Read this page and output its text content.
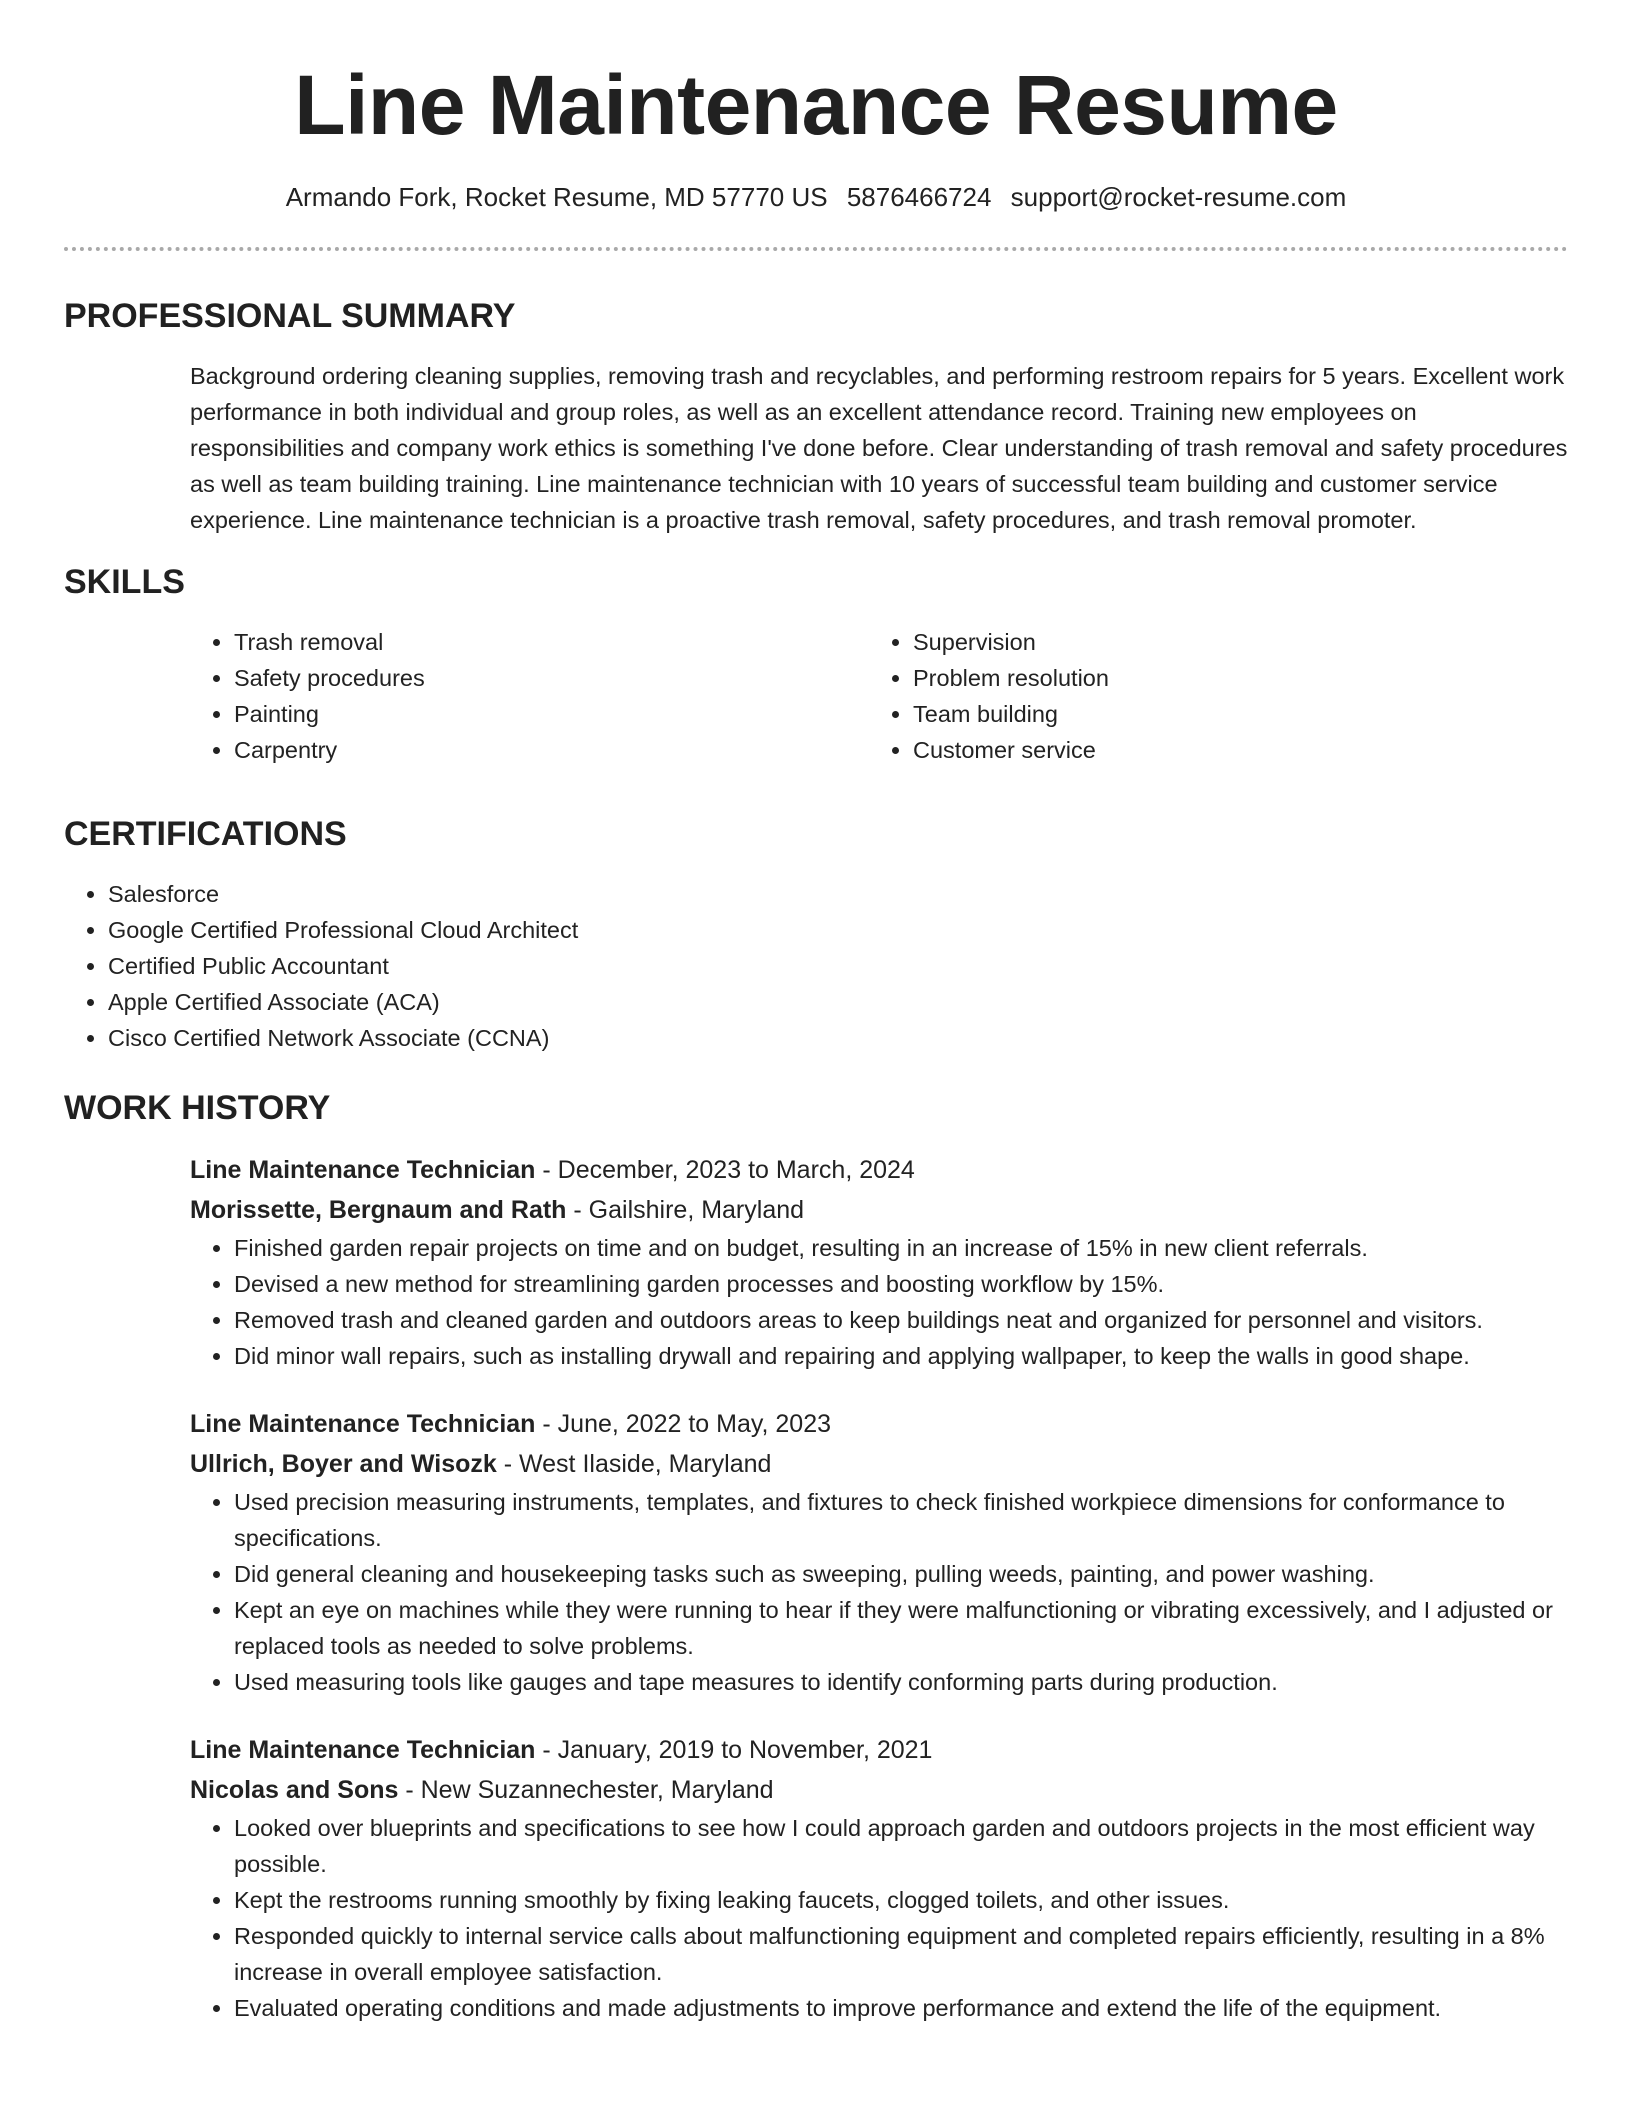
Line Maintenance Resume
Armando Fork, Rocket Resume, MD 57770 US 5876466724 support@rocket-resume.com
PROFESSIONAL SUMMARY
Background ordering cleaning supplies, removing trash and recyclables, and performing restroom repairs for 5 years. Excellent work performance in both individual and group roles, as well as an excellent attendance record. Training new employees on responsibilities and company work ethics is something I've done before. Clear understanding of trash removal and safety procedures as well as team building training. Line maintenance technician with 10 years of successful team building and customer service experience. Line maintenance technician is a proactive trash removal, safety procedures, and trash removal promoter.
SKILLS
• Trash removal
• Safety procedures
• Painting
• Carpentry
• Supervision
• Problem resolution
• Team building
• Customer service
CERTIFICATIONS
• Salesforce
• Google Certified Professional Cloud Architect
• Certified Public Accountant
• Apple Certified Associate (ACA)
• Cisco Certified Network Associate (CCNA)
WORK HISTORY
Line Maintenance Technician - December, 2023 to March, 2024
Morissette, Bergnaum and Rath - Gailshire, Maryland
• Finished garden repair projects on time and on budget, resulting in an increase of 15% in new client referrals.
• Devised a new method for streamlining garden processes and boosting workflow by 15%.
• Removed trash and cleaned garden and outdoors areas to keep buildings neat and organized for personnel and visitors.
• Did minor wall repairs, such as installing drywall and repairing and applying wallpaper, to keep the walls in good shape.
Line Maintenance Technician - June, 2022 to May, 2023
Ullrich, Boyer and Wisozk - West Ilaside, Maryland
• Used precision measuring instruments, templates, and fixtures to check finished workpiece dimensions for conformance to specifications.
• Did general cleaning and housekeeping tasks such as sweeping, pulling weeds, painting, and power washing.
• Kept an eye on machines while they were running to hear if they were malfunctioning or vibrating excessively, and I adjusted or replaced tools as needed to solve problems.
• Used measuring tools like gauges and tape measures to identify conforming parts during production.
Line Maintenance Technician - January, 2019 to November, 2021
Nicolas and Sons - New Suzannechester, Maryland
• Looked over blueprints and specifications to see how I could approach garden and outdoors projects in the most efficient way possible.
• Kept the restrooms running smoothly by fixing leaking faucets, clogged toilets, and other issues.
• Responded quickly to internal service calls about malfunctioning equipment and completed repairs efficiently, resulting in a 8% increase in overall employee satisfaction.
• Evaluated operating conditions and made adjustments to improve performance and extend the life of the equipment.
